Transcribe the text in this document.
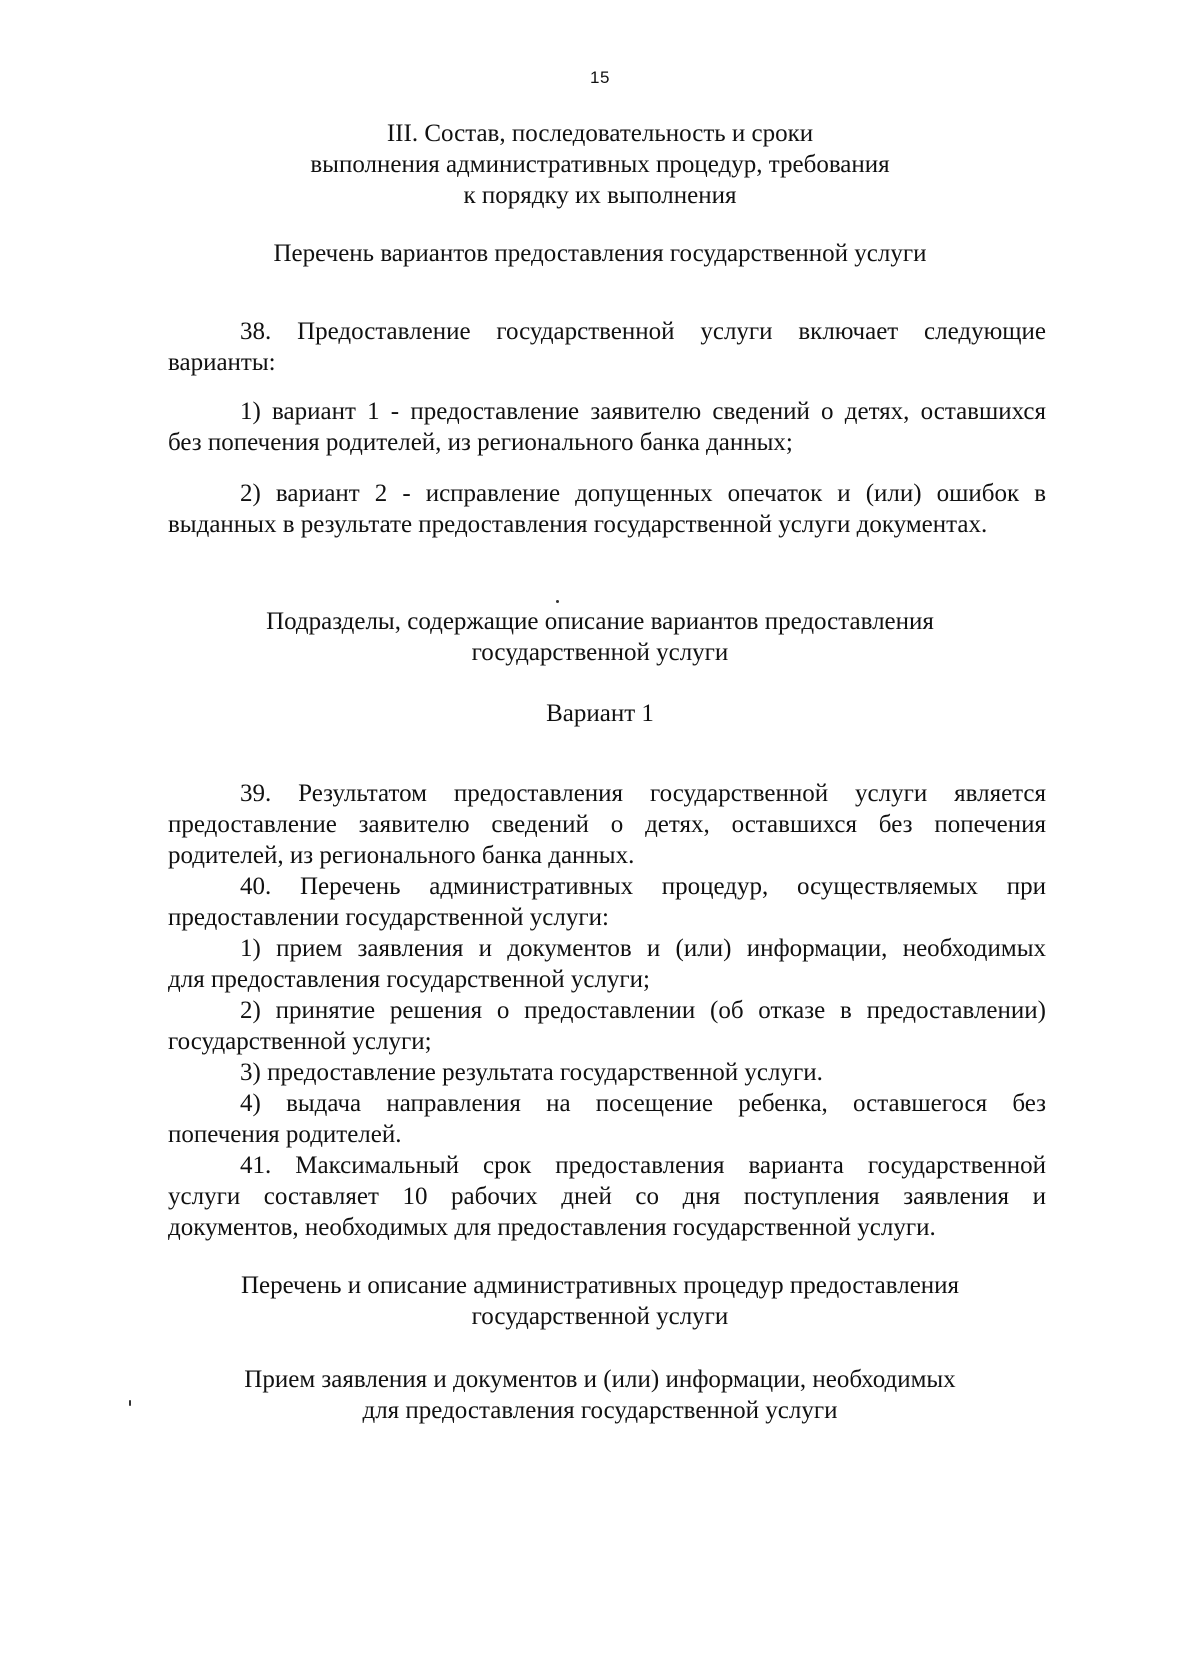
15
III. Состав, последовательность и сроки
выполнения административных процедур, требования
к порядку их выполнения
Перечень вариантов предоставления государственной услуги
38. Предоставление государственной услуги включает следующие
варианты:
1) вариант 1 - предоставление заявителю сведений о детях, оставшихся
без попечения родителей, из регионального банка данных;
2) вариант 2 - исправление допущенных опечаток и (или) ошибок в
выданных в результате предоставления государственной услуги документах.
Подразделы, содержащие описание вариантов предоставления
государственной услуги
Вариант 1
39. Результатом предоставления государственной услуги является
предоставление заявителю сведений о детях, оставшихся без попечения
родителей, из регионального банка данных.
40. Перечень административных процедур, осуществляемых при
предоставлении государственной услуги:
1) прием заявления и документов и (или) информации, необходимых
для предоставления государственной услуги;
2) принятие решения о предоставлении (об отказе в предоставлении)
государственной услуги;
3) предоставление результата государственной услуги.
4) выдача направления на посещение ребенка, оставшегося без
попечения родителей.
41. Максимальный срок предоставления варианта государственной
услуги составляет 10 рабочих дней со дня поступления заявления и
документов, необходимых для предоставления государственной услуги.
Перечень и описание административных процедур предоставления
государственной услуги
Прием заявления и документов и (или) информации, необходимых
для предоставления государственной услуги
